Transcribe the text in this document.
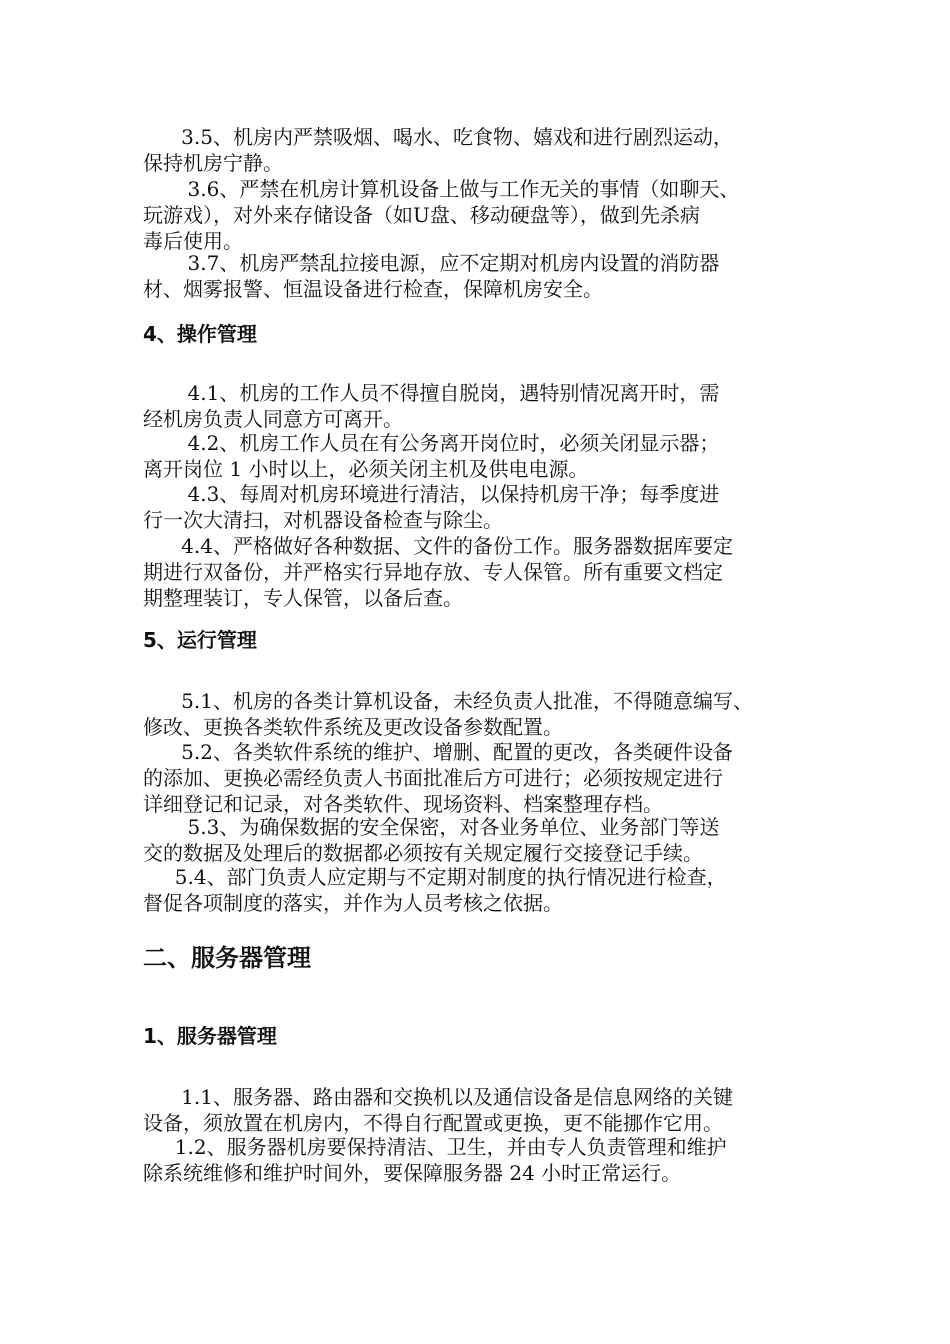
3.5、机房内严禁吸烟、喝水、吃食物、嬉戏和进行剧烈运动，
保持机房宁静。

3.6、严禁在机房计算机设备上做与工作无关的事情（如聊天、
玩游戏），对外来存储设备（如U盘、移动硬盘等），做到先杀病
毒后使用。

3.7、机房严禁乱拉接电源，应不定期对机房内设置的消防器
材、烟雾报警、恒温设备进行检查，保障机房安全。

4、操作管理

4.1、机房的工作人员不得擅自脱岗，遇特别情况离开时，需
经机房负责人同意方可离开。

4.2、机房工作人员在有公务离开岗位时，必须关闭显示器；
离开岗位 1 小时以上，必须关闭主机及供电电源。

4.3、每周对机房环境进行清洁，以保持机房干净；每季度进
行一次大清扫，对机器设备检查与除尘。

4.4、严格做好各种数据、文件的备份工作。服务器数据库要定
期进行双备份，并严格实行异地存放、专人保管。所有重要文档定
期整理装订，专人保管，以备后查。

5、运行管理

5.1、机房的各类计算机设备，未经负责人批准，不得随意编写、
修改、更换各类软件系统及更改设备参数配置。

5.2、各类软件系统的维护、增删、配置的更改，各类硬件设备
的添加、更换必需经负责人书面批准后方可进行；必须按规定进行
详细登记和记录，对各类软件、现场资料、档案整理存档。

5.3、为确保数据的安全保密，对各业务单位、业务部门等送
交的数据及处理后的数据都必须按有关规定履行交接登记手续。

5.4、部门负责人应定期与不定期对制度的执行情况进行检查，
督促各项制度的落实，并作为人员考核之依据。

二、服务器管理
1、服务器管理

1.1、服务器、路由器和交换机以及通信设备是信息网络的关键
设备，须放置在机房内，不得自行配置或更换，更不能挪作它用。

1.2、服务器机房要保持清洁、卫生，并由专人负责管理和维护
除系统维修和维护时间外，要保障服务器 24 小时正常运行。
